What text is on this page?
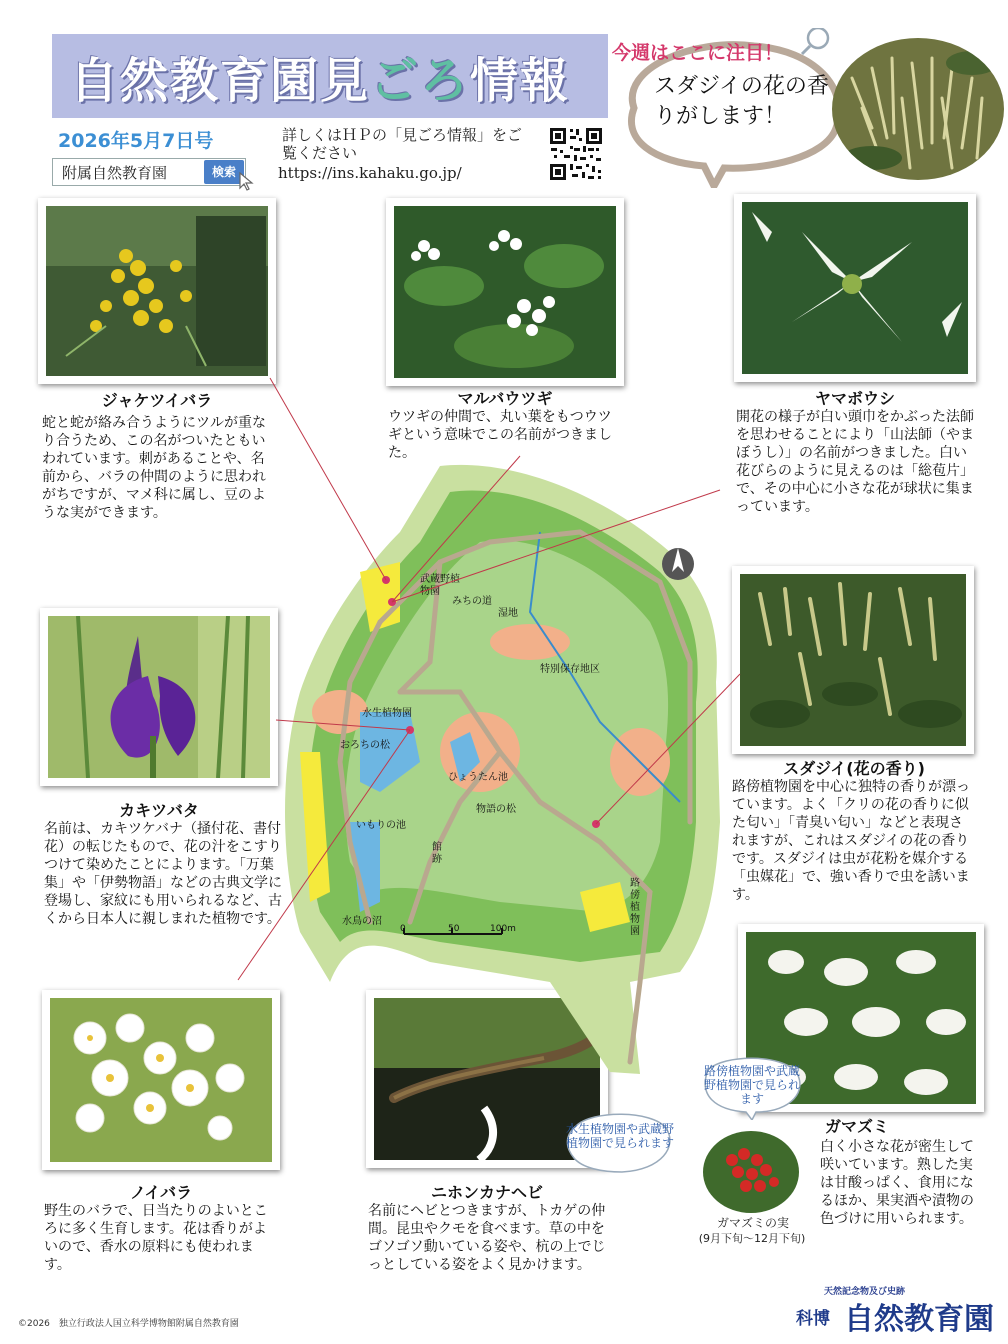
自然教育園見ごろ情報
2026年5月7日号
附属自然教育園	検索
詳しくはＨＰの「見ごろ情報」をご覧ください
https://ins.kahaku.go.jp/
今週はここに注目！
スダジイの花の香りがします！
ジャケツイバラ
蛇と蛇が絡み合うようにツルが重なり合うため、この名がついたともいわれています。刺があることや、名前から、バラの仲間のように思われがちですが、マメ科に属し、豆のような実ができます。
マルバウツギ
ウツギの仲間で、丸い葉をもつウツギという意味でこの名前がつきました。
ヤマボウシ
開花の様子が白い頭巾をかぶった法師を思わせることにより「山法師（やまぼうし）」の名前がつきました。白い花びらのように見えるのは「総苞片」で、その中心に小さな花が球状に集まっています。
カキツバタ
名前は、カキツケバナ（掻付花、書付花）の転じたもので、花の汁をこすりつけて染めたことによります。「万葉集」や「伊勢物語」などの古典文学に登場し、家紋にも用いられるなど、古くから日本人に親しまれた植物です。
スダジイ(花の香り)
路傍植物園を中心に独特の香りが漂っています。よく「クリの花の香りに似た匂い」「青臭い匂い」などと表現されますが、これはスダジイの花の香りです。スダジイは虫が花粉を媒介する「虫媒花」で、強い香りで虫を誘います。
ノイバラ
野生のバラで、日当たりのよいところに多く生育します。花は香りがよいので、香水の原料にも使われます。
ニホンカナヘビ
名前にヘビとつきますが、トカゲの仲間。昆虫やクモを食べます。草の中をゴソゴソ動いている姿や、杭の上でじっとしている姿をよく見かけます。
ガマズミ
白く小さな花が密生して咲いています。熟した実は甘酸っぱく、食用になるほか、果実酒や漬物の色づけに用いられます。
水生植物園や武蔵野植物園で見られます
路傍植物園や武蔵野植物園で見られます
ガマズミの実
(9月下旬～12月下旬)
武蔵野植物園
みちの道
湿地
特別保存地区
水生植物園
おろちの松
ひょうたん池
物語の松
いもりの池
館跡
水鳥の沼
路傍植物園
0	50	100m
N
©2026　独立行政法人国立科学博物館附属自然教育園
天然記念物及び史跡
科博 自然教育園
